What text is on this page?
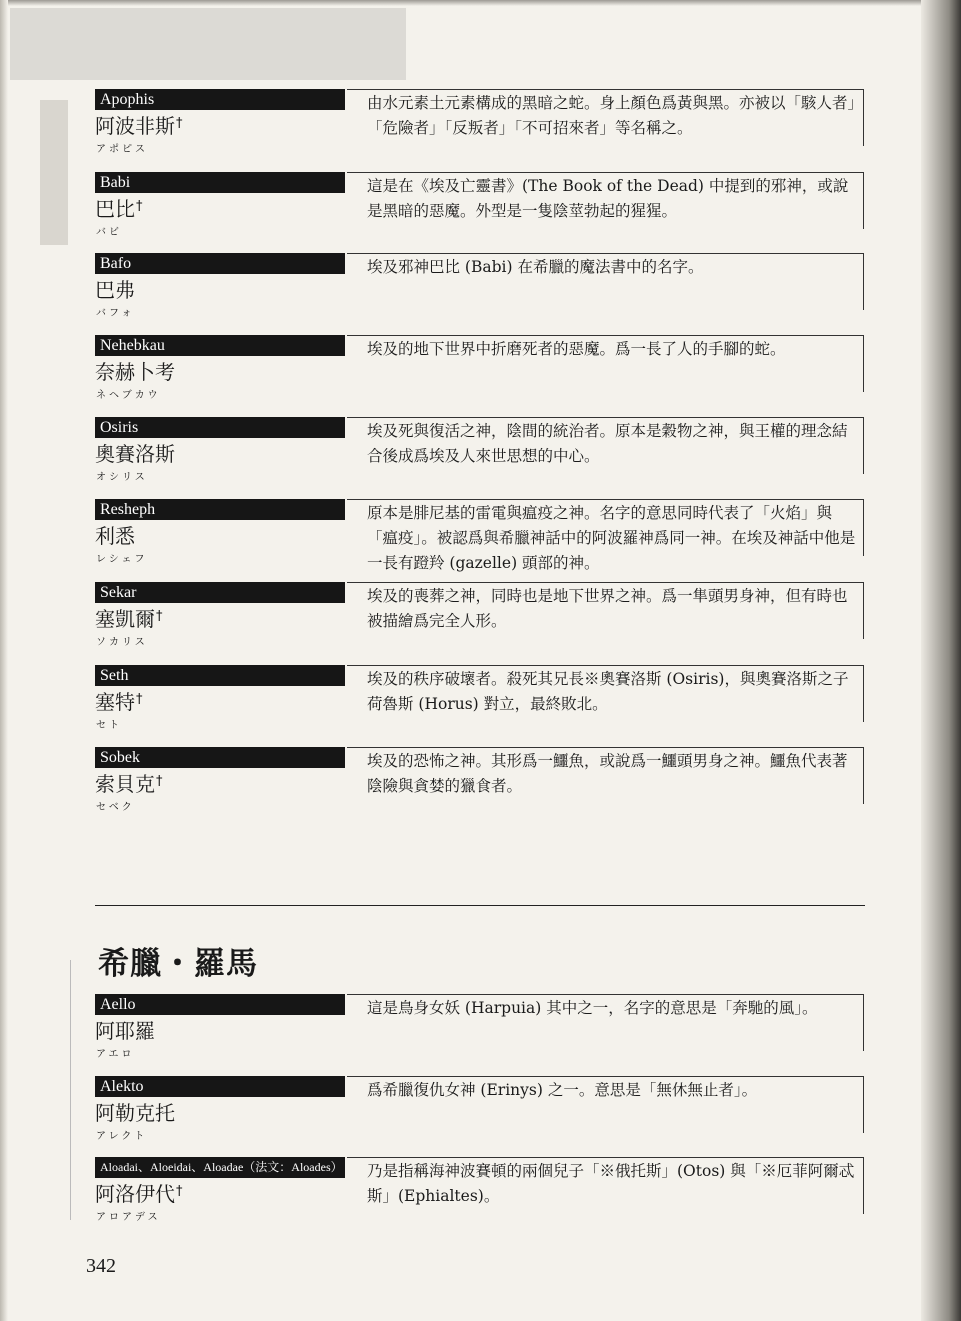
Apophis
阿波非斯†
アポピス
由水元素土元素構成的黑暗之蛇。身上顏色爲黃與黑。亦被以「駭人者」「危險者」「反叛者」「不可招來者」等名稱之。
Babi
巴比†
バビ
這是在《埃及亡靈書》(The Book of the Dead) 中提到的邪神，或說是黑暗的惡魔。外型是一隻陰莖勃起的猩猩。
Bafo
巴弗
バフォ
埃及邪神巴比 (Babi) 在希臘的魔法書中的名字。
Nehebkau
奈赫卜考
ネヘブカウ
埃及的地下世界中折磨死者的惡魔。爲一長了人的手腳的蛇。
Osiris
奧賽洛斯
オシリス
埃及死與復活之神，陰間的統治者。原本是穀物之神，與王權的理念結合後成爲埃及人來世思想的中心。
Resheph
利悉
レシェフ
原本是腓尼基的雷電與瘟疫之神。名字的意思同時代表了「火焰」與「瘟疫」。被認爲與希臘神話中的阿波羅神爲同一神。在埃及神話中他是一長有蹬羚 (gazelle) 頭部的神。
Sekar
塞凱爾†
ソカリス
埃及的喪葬之神，同時也是地下世界之神。爲一隼頭男身神，但有時也被描繪爲完全人形。
Seth
塞特†
セト
埃及的秩序破壞者。殺死其兄長※奧賽洛斯 (Osiris)，與奧賽洛斯之子荷魯斯 (Horus) 對立，最終敗北。
Sobek
索貝克†
セベク
埃及的恐怖之神。其形爲一鱷魚，或說爲一鱷頭男身之神。鱷魚代表著陰險與貪婪的獵食者。
希臘・羅馬
Aello
阿耶羅
アエロ
這是鳥身女妖 (Harpuia) 其中之一，名字的意思是「奔馳的風」。
Alekto
阿勒克托
アレクト
爲希臘復仇女神 (Erinys) 之一。意思是「無休無止者」。
Aloadai、Aloeidai、Aloadae（法文：Aloades）
阿洛伊代†
アロアデス
乃是指稱海神波賽頓的兩個兒子「※俄托斯」(Otos) 與「※厄菲阿爾忒斯」(Ephialtes)。
342
